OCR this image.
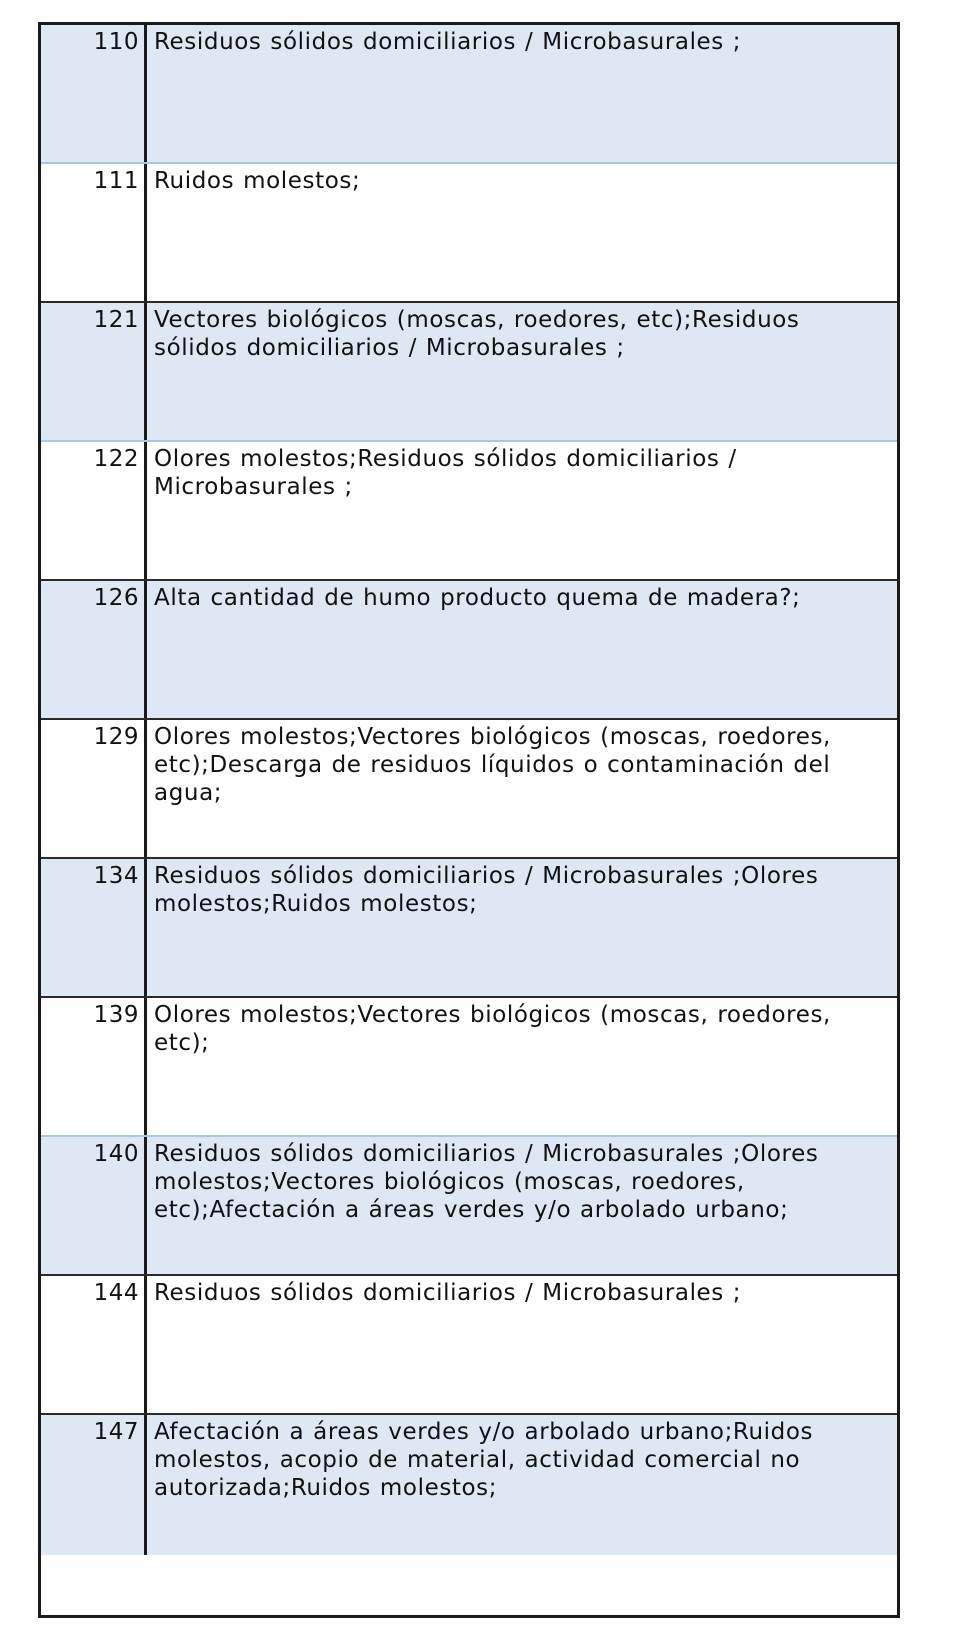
110 Residuos sólidos domiciliarios / Microbasurales ;
111 Ruidos molestos;
121 Vectores biológicos (moscas, roedores, etc);Residuos sólidos domiciliarios / Microbasurales ;
122 Olores molestos;Residuos sólidos domiciliarios / Microbasurales ;
126 Alta cantidad de humo producto quema de madera?;
129 Olores molestos;Vectores biológicos (moscas, roedores, etc);Descarga de residuos líquidos o contaminación del agua;
134 Residuos sólidos domiciliarios / Microbasurales ;Olores molestos;Ruidos molestos;
139 Olores molestos;Vectores biológicos (moscas, roedores, etc);
140 Residuos sólidos domiciliarios / Microbasurales ;Olores molestos;Vectores biológicos (moscas, roedores, etc);Afectación a áreas verdes y/o arbolado urbano;
144 Residuos sólidos domiciliarios / Microbasurales ;
147 Afectación a áreas verdes y/o arbolado urbano;Ruidos molestos, acopio de material, actividad comercial no autorizada;Ruidos molestos;
